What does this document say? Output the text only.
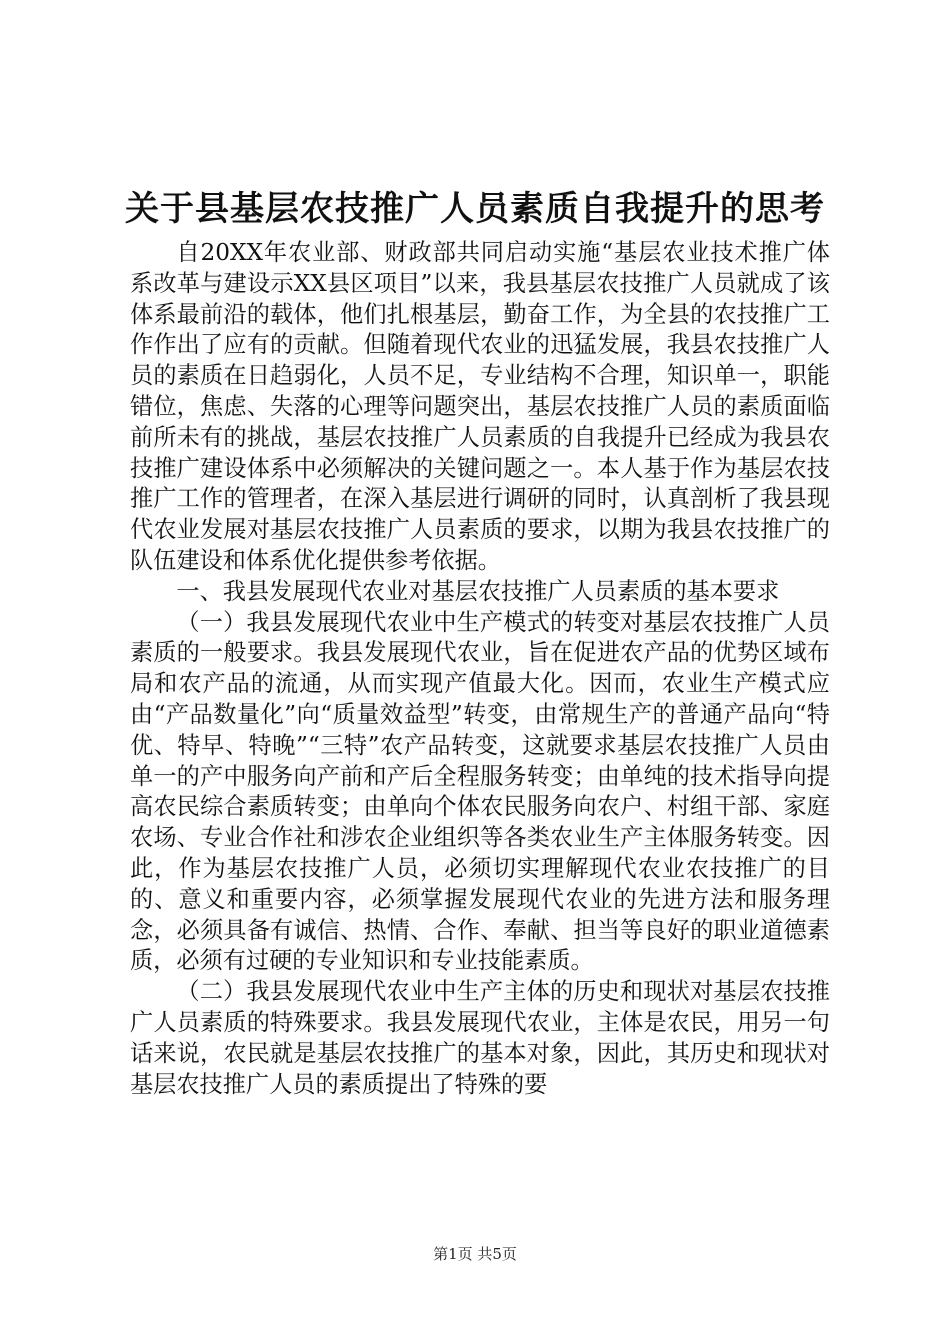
关于县基层农技推广人员素质自我提升的思考

自20XX年农业部、财政部共同启动实施“基层农业技术推广体系改革与建设示XX县区项目”以来，我县基层农技推广人员就成了该体系最前沿的载体，他们扎根基层，勤奋工作，为全县的农技推广工作作出了应有的贡献。但随着现代农业的迅猛发展，我县农技推广人员的素质在日趋弱化，人员不足，专业结构不合理，知识单一，职能错位，焦虑、失落的心理等问题突出，基层农技推广人员的素质面临前所未有的挑战，基层农技推广人员素质的自我提升已经成为我县农技推广建设体系中必须解决的关键问题之一。本人基于作为基层农技推广工作的管理者，在深入基层进行调研的同时，认真剖析了我县现代农业发展对基层农技推广人员素质的要求，以期为我县农技推广的队伍建设和体系优化提供参考依据。

一、我县发展现代农业对基层农技推广人员素质的基本要求

（一）我县发展现代农业中生产模式的转变对基层农技推广人员素质的一般要求。我县发展现代农业，旨在促进农产品的优势区域布局和农产品的流通，从而实现产值最大化。因而，农业生产模式应由“产品数量化”向“质量效益型”转变，由常规生产的普通产品向“特优、特早、特晚”“三特”农产品转变，这就要求基层农技推广人员由单一的产中服务向产前和产后全程服务转变；由单纯的技术指导向提高农民综合素质转变；由单向个体农民服务向农户、村组干部、家庭农场、专业合作社和涉农企业组织等各类农业生产主体服务转变。因此，作为基层农技推广人员，必须切实理解现代农业农技推广的目的、意义和重要内容，必须掌握发展现代农业的先进方法和服务理念，必须具备有诚信、热情、合作、奉献、担当等良好的职业道德素质，必须有过硬的专业知识和专业技能素质。

（二）我县发展现代农业中生产主体的历史和现状对基层农技推广人员素质的特殊要求。我县发展现代农业，主体是农民，用另一句话来说，农民就是基层农技推广的基本对象，因此，其历史和现状对基层农技推广人员的素质提出了特殊的要

第1页 共5页
